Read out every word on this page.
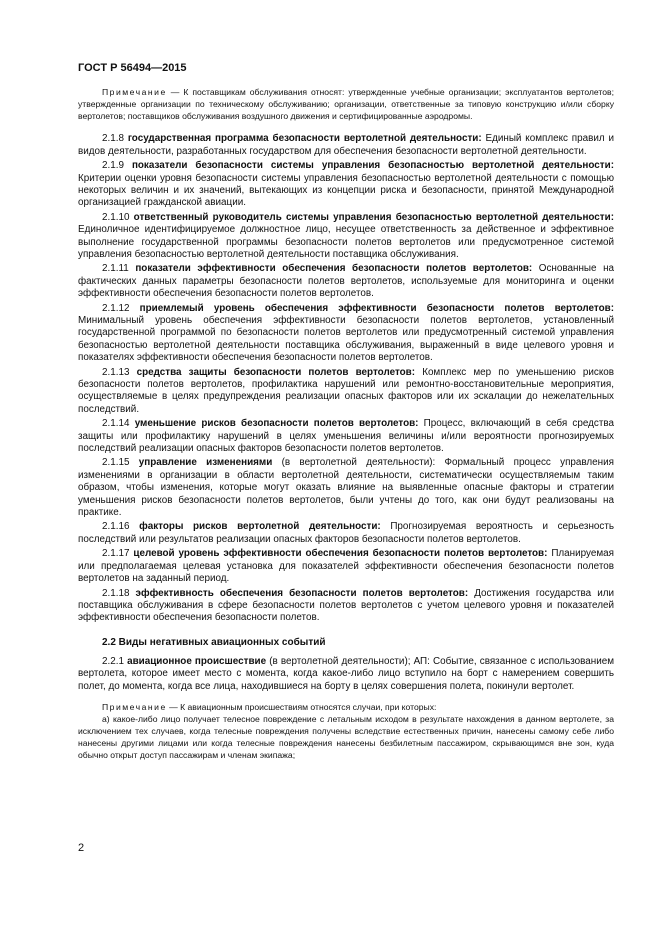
ГОСТ Р 56494—2015

Примечание — К поставщикам обслуживания относят: утвержденные учебные организации; эксплуатантов вертолетов; утвержденные организации по техническому обслуживанию; организации, ответственные за типовую конструкцию и/или сборку вертолетов; поставщиков обслуживания воздушного движения и сертифицированные аэродромы.

2.1.8 государственная программа безопасности вертолетной деятельности: Единый комплекс правил и видов деятельности, разработанных государством для обеспечения безопасности вертолетной деятельности.

2.1.9 показатели безопасности системы управления безопасностью вертолетной деятельности: Критерии оценки уровня безопасности системы управления безопасностью вертолетной деятельности с помощью некоторых величин и их значений, вытекающих из концепции риска и безопасности, принятой Международной организацией гражданской авиации.

2.1.10 ответственный руководитель системы управления безопасностью вертолетной деятельности: Единоличное идентифицируемое должностное лицо, несущее ответственность за действенное и эффективное выполнение государственной программы безопасности полетов вертолетов или предусмотренное системой управления безопасностью вертолетной деятельности поставщика обслуживания.

2.1.11 показатели эффективности обеспечения безопасности полетов вертолетов: Основанные на фактических данных параметры безопасности полетов вертолетов, используемые для мониторинга и оценки эффективности обеспечения безопасности полетов вертолетов.

2.1.12 приемлемый уровень обеспечения эффективности безопасности полетов вертолетов: Минимальный уровень обеспечения эффективности безопасности полетов вертолетов, установленный государственной программой по безопасности полетов вертолетов или предусмотренный системой управления безопасностью вертолетной деятельности поставщика обслуживания, выраженный в виде целевого уровня и показателях эффективности обеспечения безопасности полетов вертолетов.

2.1.13 средства защиты безопасности полетов вертолетов: Комплекс мер по уменьшению рисков безопасности полетов вертолетов, профилактика нарушений или ремонтно-восстановительные мероприятия, осуществляемые в целях предупреждения реализации опасных факторов или их эскалации до нежелательных последствий.

2.1.14 уменьшение рисков безопасности полетов вертолетов: Процесс, включающий в себя средства защиты или профилактику нарушений в целях уменьшения величины и/или вероятности прогнозируемых последствий реализации опасных факторов безопасности полетов вертолетов.

2.1.15 управление изменениями (в вертолетной деятельности): Формальный процесс управления изменениями в организации в области вертолетной деятельности, систематически осуществляемым таким образом, чтобы изменения, которые могут оказать влияние на выявленные опасные факторы и стратегии уменьшения рисков безопасности полетов вертолетов, были учтены до того, как они будут реализованы на практике.

2.1.16 факторы рисков вертолетной деятельности: Прогнозируемая вероятность и серьезность последствий или результатов реализации опасных факторов безопасности полетов вертолетов.

2.1.17 целевой уровень эффективности обеспечения безопасности полетов вертолетов: Планируемая или предполагаемая целевая установка для показателей эффективности обеспечения безопасности полетов вертолетов на заданный период.

2.1.18 эффективность обеспечения безопасности полетов вертолетов: Достижения государства или поставщика обслуживания в сфере безопасности полетов вертолетов с учетом целевого уровня и показателей эффективности обеспечения безопасности полетов.

2.2 Виды негативных авиационных событий

2.2.1 авиационное происшествие (в вертолетной деятельности); АП: Событие, связанное с использованием вертолета, которое имеет место с момента, когда какое-либо лицо вступило на борт с намерением совершить полет, до момента, когда все лица, находившиеся на борту в целях совершения полета, покинули вертолет.

Примечание — К авиационным происшествиям относятся случаи, при которых:

а) какое-либо лицо получает телесное повреждение с летальным исходом в результате нахождения в данном вертолете, за исключением тех случаев, когда телесные повреждения получены вследствие естественных причин, нанесены самому себе либо нанесены другими лицами или когда телесные повреждения нанесены безбилетным пассажиром, скрывающимся вне зон, куда обычно открыт доступ пассажирам и членам экипажа;

2
